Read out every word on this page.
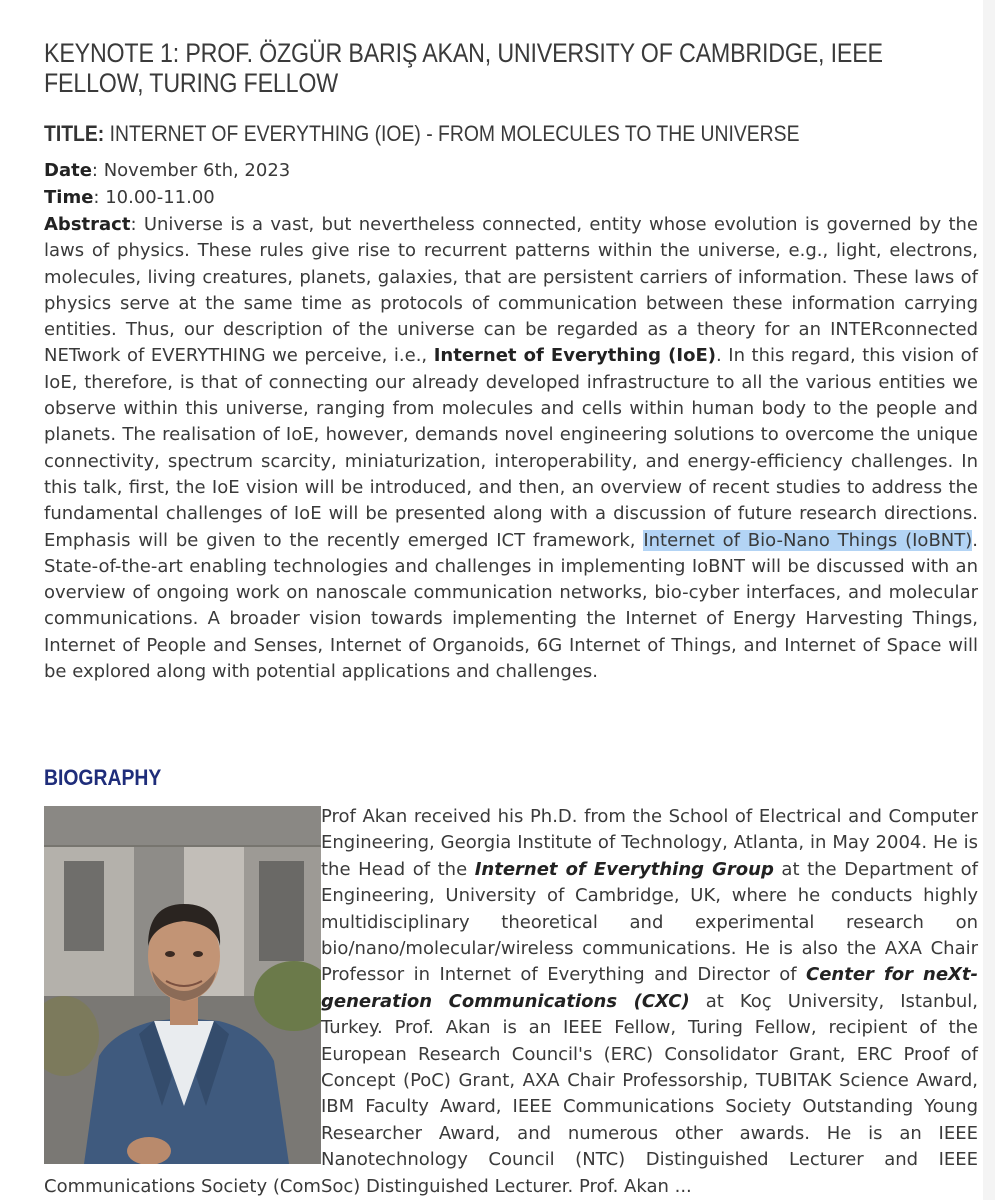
KEYNOTE 1: PROF. ÖZGÜR BARIŞ AKAN, UNIVERSITY OF CAMBRIDGE, IEEE FELLOW, TURING FELLOW
TITLE: INTERNET OF EVERYTHING (IOE) - FROM MOLECULES TO THE UNIVERSE
Date: November 6th, 2023
Time: 10.00-11.00
Abstract: Universe is a vast, but nevertheless connected, entity whose evolution is governed by the laws of physics. These rules give rise to recurrent patterns within the universe, e.g., light, electrons, molecules, living creatures, planets, galaxies, that are persistent carriers of information. These laws of physics serve at the same time as protocols of communication between these information carrying entities. Thus, our description of the universe can be regarded as a theory for an INTERconnected NETwork of EVERYTHING we perceive, i.e., Internet of Everything (IoE). In this regard, this vision of IoE, therefore, is that of connecting our already developed infrastructure to all the various entities we observe within this universe, ranging from molecules and cells within human body to the people and planets. The realisation of IoE, however, demands novel engineering solutions to overcome the unique connectivity, spectrum scarcity, miniaturization, interoperability, and energy-efficiency challenges. In this talk, first, the IoE vision will be introduced, and then, an overview of recent studies to address the fundamental challenges of IoE will be presented along with a discussion of future research directions. Emphasis will be given to the recently emerged ICT framework, Internet of Bio-Nano Things (IoBNT). State-of-the-art enabling technologies and challenges in implementing IoBNT will be discussed with an overview of ongoing work on nanoscale communication networks, bio-cyber interfaces, and molecular communications. A broader vision towards implementing the Internet of Energy Harvesting Things, Internet of People and Senses, Internet of Organoids, 6G Internet of Things, and Internet of Space will be explored along with potential applications and challenges.
BIOGRAPHY
Prof Akan received his Ph.D. from the School of Electrical and Computer Engineering, Georgia Institute of Technology, Atlanta, in May 2004. He is the Head of the Internet of Everything Group at the Department of Engineering, University of Cambridge, UK, where he conducts highly multidisciplinary theoretical and experimental research on bio/nano/molecular/wireless communications. He is also the AXA Chair Professor in Internet of Everything and Director of Center for neXt-generation Communications (CXC) at Koç University, Istanbul, Turkey. Prof. Akan is an IEEE Fellow, Turing Fellow, recipient of the European Research Council's (ERC) Consolidator Grant, ERC Proof of Concept (PoC) Grant, AXA Chair Professorship, TUBITAK Science Award, IBM Faculty Award, IEEE Communications Society Outstanding Young Researcher Award, and numerous other awards. He is an IEEE Nanotechnology Council (NTC) Distinguished Lecturer and IEEE Communications Society (ComSoc) Distinguished Lecturer. Prof. Akan ...
